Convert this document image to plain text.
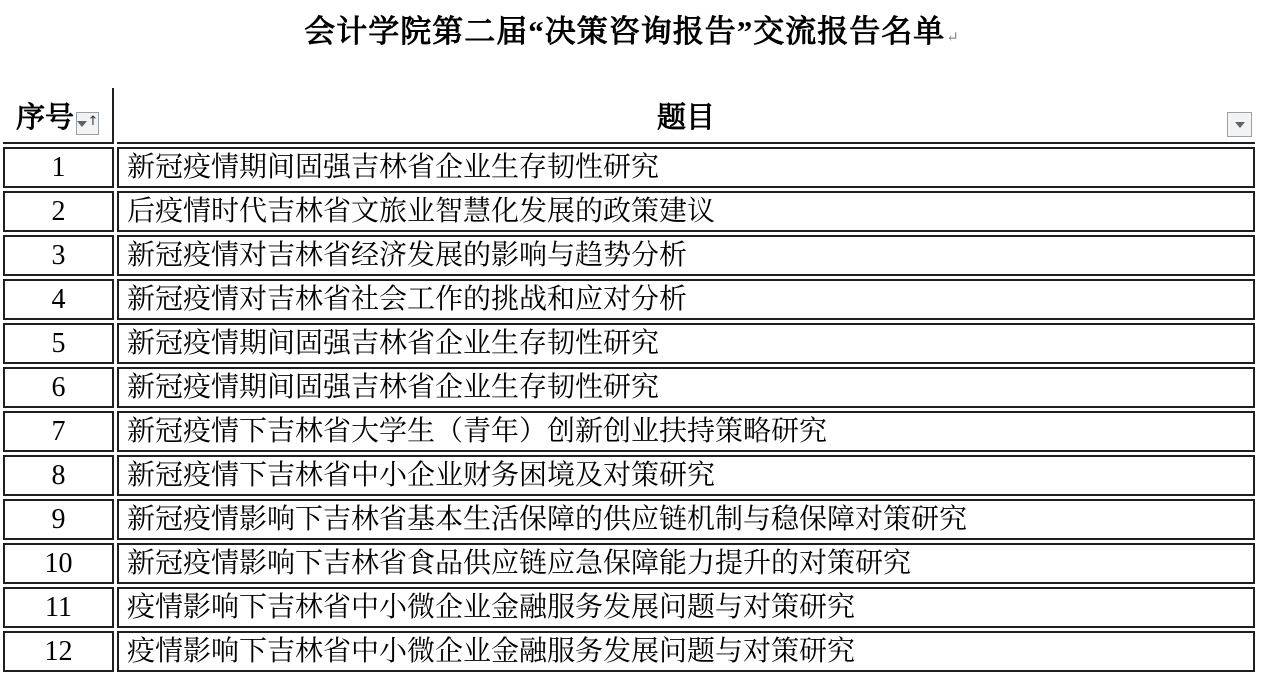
会计学院第二届“决策咨询报告”交流报告名单↵
序号 ↑	题目

1	新冠疫情期间固强吉林省企业生存韧性研究
2	后疫情时代吉林省文旅业智慧化发展的政策建议
3	新冠疫情对吉林省经济发展的影响与趋势分析
4	新冠疫情对吉林省社会工作的挑战和应对分析
5	新冠疫情期间固强吉林省企业生存韧性研究
6	新冠疫情期间固强吉林省企业生存韧性研究
7	新冠疫情下吉林省大学生（青年）创新创业扶持策略研究
8	新冠疫情下吉林省中小企业财务困境及对策研究
9	新冠疫情影响下吉林省基本生活保障的供应链机制与稳保障对策研究
10	新冠疫情影响下吉林省食品供应链应急保障能力提升的对策研究
11	疫情影响下吉林省中小微企业金融服务发展问题与对策研究
12	疫情影响下吉林省中小微企业金融服务发展问题与对策研究
